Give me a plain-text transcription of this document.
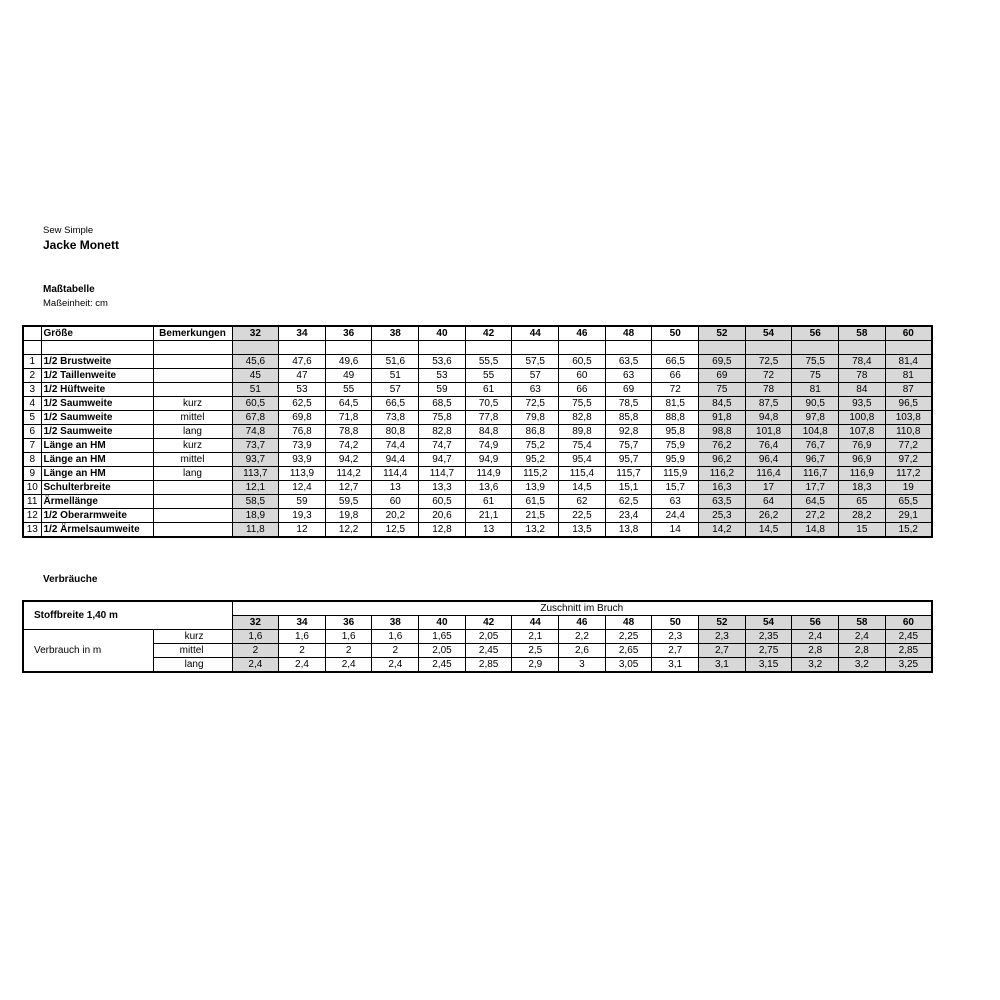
Sew Simple
Jacke Monett
Maßtabelle
Maßeinheit: cm
	Größe	Bemerkungen	32	34	36	38	40	42	44	46	48	50	52	54	56	58	60

1	1/2 Brustweite		45,6	47,6	49,6	51,6	53,6	55,5	57,5	60,5	63,5	66,5	69,5	72,5	75,5	78,4	81,4
2	1/2 Taillenweite		45	47	49	51	53	55	57	60	63	66	69	72	75	78	81
3	1/2 Hüftweite		51	53	55	57	59	61	63	66	69	72	75	78	81	84	87
4	1/2 Saumweite	kurz	60,5	62,5	64,5	66,5	68,5	70,5	72,5	75,5	78,5	81,5	84,5	87,5	90,5	93,5	96,5
5	1/2 Saumweite	mittel	67,8	69,8	71,8	73,8	75,8	77,8	79,8	82,8	85,8	88,8	91,8	94,8	97,8	100,8	103,8
6	1/2 Saumweite	lang	74,8	76,8	78,8	80,8	82,8	84,8	86,8	89,8	92,8	95,8	98,8	101,8	104,8	107,8	110,8
7	Länge an HM	kurz	73,7	73,9	74,2	74,4	74,7	74,9	75,2	75,4	75,7	75,9	76,2	76,4	76,7	76,9	77,2
8	Länge an HM	mittel	93,7	93,9	94,2	94,4	94,7	94,9	95,2	95,4	95,7	95,9	96,2	96,4	96,7	96,9	97,2
9	Länge an HM	lang	113,7	113,9	114,2	114,4	114,7	114,9	115,2	115,4	115,7	115,9	116,2	116,4	116,7	116,9	117,2
10	Schulterbreite		12,1	12,4	12,7	13	13,3	13,6	13,9	14,5	15,1	15,7	16,3	17	17,7	18,3	19
11	Ärmellänge		58,5	59	59,5	60	60,5	61	61,5	62	62,5	63	63,5	64	64,5	65	65,5
12	1/2 Oberarmweite		18,9	19,3	19,8	20,2	20,6	21,1	21,5	22,5	23,4	24,4	25,3	26,2	27,2	28,2	29,1
13	1/2 Ärmelsaumweite		11,8	12	12,2	12,5	12,8	13	13,2	13,5	13,8	14	14,2	14,5	14,8	15	15,2
Verbräuche
Stoffbreite 1,40 m		Zuschnitt im Bruch														
		32	34	36	38	40	42	44	46	48	50	52	54	56	58	60
Verbrauch in m	kurz	1,6	1,6	1,6	1,6	1,65	2,05	2,1	2,2	2,25	2,3	2,3	2,35	2,4	2,4	2,45
	mittel	2	2	2	2	2,05	2,45	2,5	2,6	2,65	2,7	2,7	2,75	2,8	2,8	2,85
	lang	2,4	2,4	2,4	2,4	2,45	2,85	2,9	3	3,05	3,1	3,1	3,15	3,2	3,2	3,25
